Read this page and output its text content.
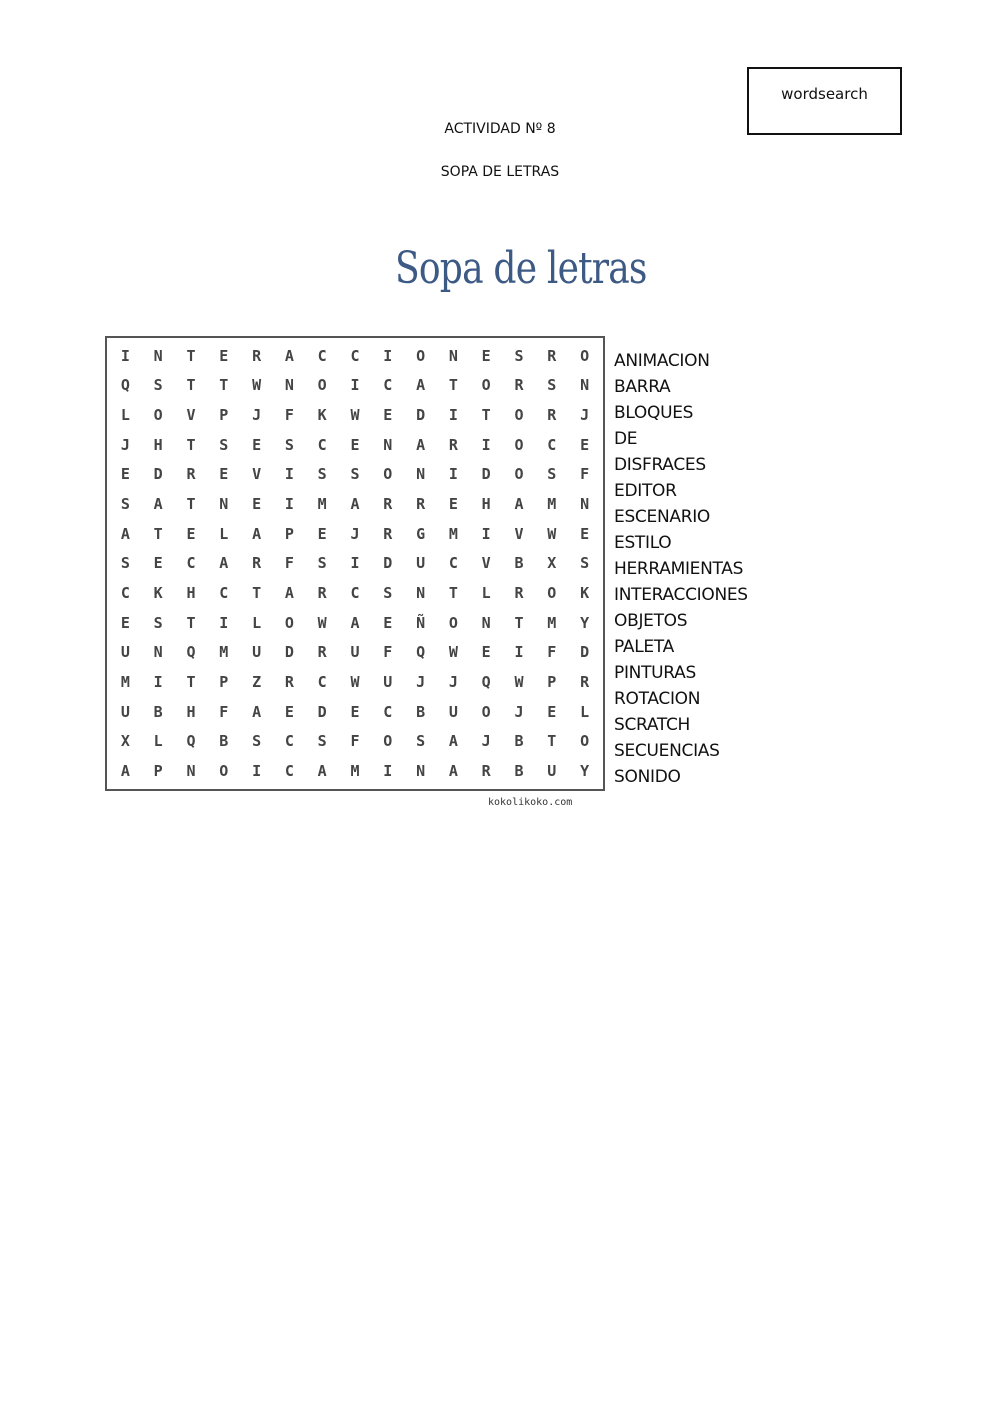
wordsearch
ACTIVIDAD Nº 8
SOPA DE LETRAS
Sopa de letras
I	N	T	E	R	A	C	C	I	O	N	E	S	R	O
Q	S	T	T	W	N	O	I	C	A	T	O	R	S	N
L	O	V	P	J	F	K	W	E	D	I	T	O	R	J
J	H	T	S	E	S	C	E	N	A	R	I	O	C	E
E	D	R	E	V	I	S	S	O	N	I	D	O	S	F
S	A	T	N	E	I	M	A	R	R	E	H	A	M	N
A	T	E	L	A	P	E	J	R	G	M	I	V	W	E
S	E	C	A	R	F	S	I	D	U	C	V	B	X	S
C	K	H	C	T	A	R	C	S	N	T	L	R	O	K
E	S	T	I	L	O	W	A	E	Ñ	O	N	T	M	Y
U	N	Q	M	U	D	R	U	F	Q	W	E	I	F	D
M	I	T	P	Z	R	C	W	U	J	J	Q	W	P	R
U	B	H	F	A	E	D	E	C	B	U	O	J	E	L
X	L	Q	B	S	C	S	F	O	S	A	J	B	T	O
A	P	N	O	I	C	A	M	I	N	A	R	B	U	Y
kokolikoko.com
ANIMACION
BARRA
BLOQUES
DE
DISFRACES
EDITOR
ESCENARIO
ESTILO
HERRAMIENTAS
INTERACCIONES
OBJETOS
PALETA
PINTURAS
ROTACION
SCRATCH
SECUENCIAS
SONIDO
